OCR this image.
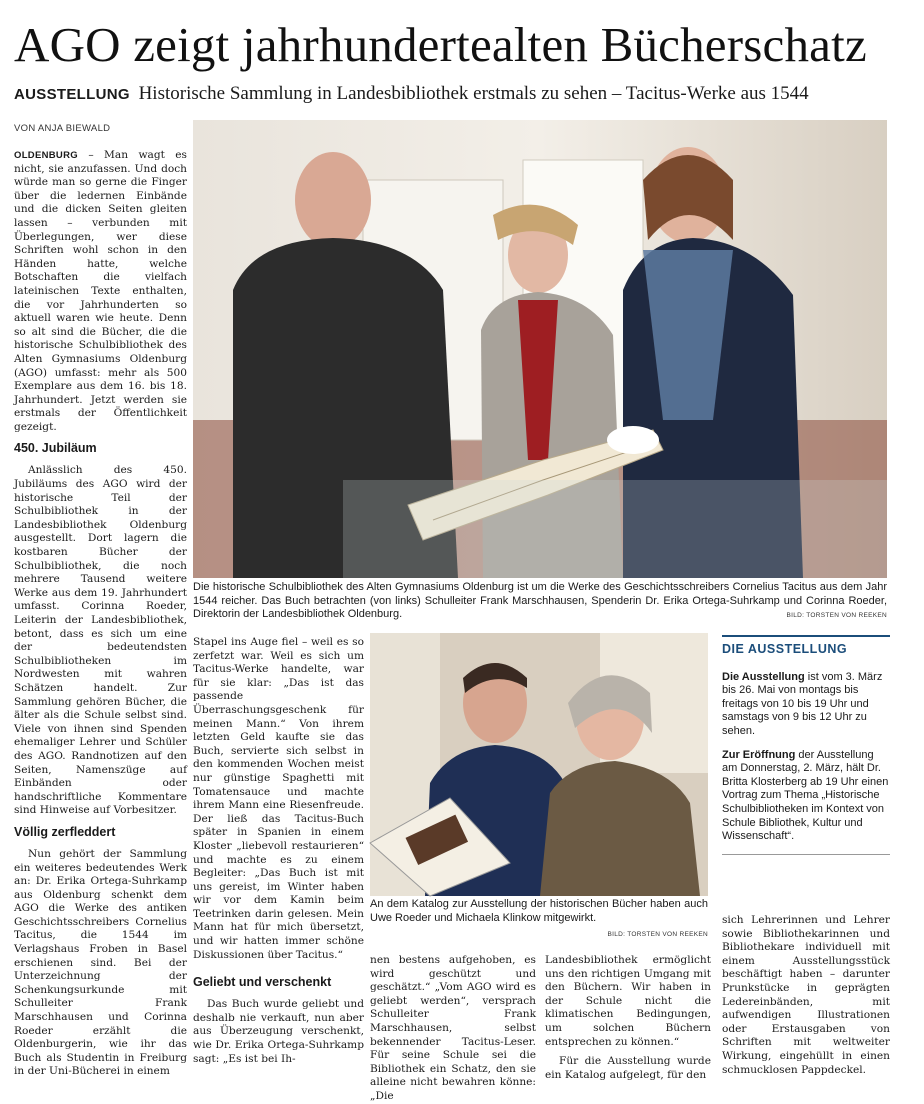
AGO zeigt jahrhundertealten Bücherschatz
AUSSTELLUNG Historische Sammlung in Landesbibliothek erstmals zu sehen – Tacitus-Werke aus 1544
VON ANJA BIEWALD

OLDENBURG – Man wagt es nicht, sie anzufassen. Und doch würde man so gerne die Finger über die ledernen Einbände und die dicken Seiten gleiten lassen – verbunden mit Überlegungen, wer diese Schriften wohl schon in den Händen hatte, welche Botschaften die vielfach lateinischen Texte enthalten, die vor Jahrhunderten so aktuell waren wie heute. Denn so alt sind die Bücher, die die historische Schulbibliothek des Alten Gymnasiums Oldenburg (AGO) umfasst: mehr als 500 Exemplare aus dem 16. bis 18. Jahrhundert. Jetzt werden sie erstmals der Öffentlichkeit gezeigt.

450. Jubiläum

Anlässlich des 450. Jubiläums des AGO wird der historische Teil der Schulbibliothek in der Landesbibliothek Oldenburg ausgestellt. Dort lagern die kostbaren Bücher der Schulbibliothek, die noch mehrere Tausend weitere Werke aus dem 19. Jahrhundert umfasst. Corinna Roeder, Leiterin der Landesbibliothek, betont, dass es sich um eine der bedeutendsten Schulbibliotheken im Nordwesten mit wahren Schätzen handelt. Zur Sammlung gehören Bücher, die älter als die Schule selbst sind. Viele von ihnen sind Spenden ehemaliger Lehrer und Schüler des AGO. Randnotizen auf den Seiten, Namenszüge auf Einbänden oder handschriftliche Kommentare sind Hinweise auf Vorbesitzer.

Völlig zerfleddert

Nun gehört der Sammlung ein weiteres bedeutendes Werk an: Dr. Erika Ortega-Suhrkamp aus Oldenburg schenkt dem AGO die Werke des antiken Geschichtsschreibers Cornelius Tacitus, die 1544 im Verlagshaus Froben in Basel erschienen sind. Bei der Unterzeichnung der Schenkungsurkunde mit Schulleiter Frank Marschhausen und Corinna Roeder erzählt die Oldenburgerin, wie ihr das Buch als Studentin in Freiburg in der Uni-Bücherei in einem

Die historische Schulbibliothek des Alten Gymnasiums Oldenburg ist um die Werke des Geschichtsschreibers Cornelius Tacitus aus dem Jahr 1544 reicher. Das Buch betrachten (von links) Schulleiter Frank Marschhausen, Spenderin Dr. Erika Ortega-Suhrkamp und Corinna Roeder, Direktorin der Landesbibliothek Oldenburg.	BILD: TORSTEN VON REEKEN

Stapel ins Auge fiel – weil es so zerfetzt war. Weil es sich um Tacitus-Werke handelte, war für sie klar: „Das ist das passende Überraschungsgeschenk für meinen Mann.“ Von ihrem letzten Geld kaufte sie das Buch, servierte sich selbst in den kommenden Wochen meist nur günstige Spaghetti mit Tomatensauce und machte ihrem Mann eine Riesenfreude. Der ließ das Tacitus-Buch später in Spanien in einem Kloster „liebevoll restaurieren“ und machte es zu einem Begleiter: „Das Buch ist mit uns gereist, im Winter haben wir vor dem Kamin beim Teetrinken darin gelesen. Mein Mann hat für mich übersetzt, und wir hatten immer schöne Diskussionen über Tacitus.“

Geliebt und verschenkt

Das Buch wurde geliebt und deshalb nie verkauft, nun aber aus Überzeugung verschenkt, wie Dr. Erika Ortega-Suhrkamp sagt: „Es ist bei Ih-

An dem Katalog zur Ausstellung der historischen Bücher haben auch Uwe Roeder und Michaela Klinkow mitgewirkt.
BILD: TORSTEN VON REEKEN

nen bestens aufgehoben, es wird geschützt und geschätzt.“ „Vom AGO wird es geliebt werden“, verspraсh Schulleiter Frank Marschhausen, selbst bekennender Tacitus-Leser. Für seine Schule sei die Bibliothek ein Schatz, den sie alleine nicht bewahren könne: „Die

Landesbibliothek ermöglicht uns den richtigen Umgang mit den Büchern. Wir haben in der Schule nicht die klimatischen Bedingungen, um solchen Büchern entsprechen zu können.“

Für die Ausstellung wurde ein Katalog aufgelegt, für den

DIE AUSSTELLUNG

Die Ausstellung ist vom 3. März bis 26. Mai von montags bis freitags von 10 bis 19 Uhr und samstags von 9 bis 12 Uhr zu sehen.

Zur Eröffnung der Ausstellung am Donnerstag, 2. März, hält Dr. Britta Klosterberg ab 19 Uhr einen Vortrag zum Thema „Historische Schulbibliotheken im Kontext von Schule Bibliothek, Kultur und Wissenschaft“.

sich Lehrerinnen und Lehrer sowie Bibliothekarinnen und Bibliothekare individuell mit einem Ausstellungsstück beschäftigt haben – darunter Prunkstücke in geprägten Ledereinbänden, mit aufwendigen Illustrationen oder Erstausgaben von Schriften mit weltweiter Wirkung, eingehüllt in einen schmucklosen Pappdeckel.
